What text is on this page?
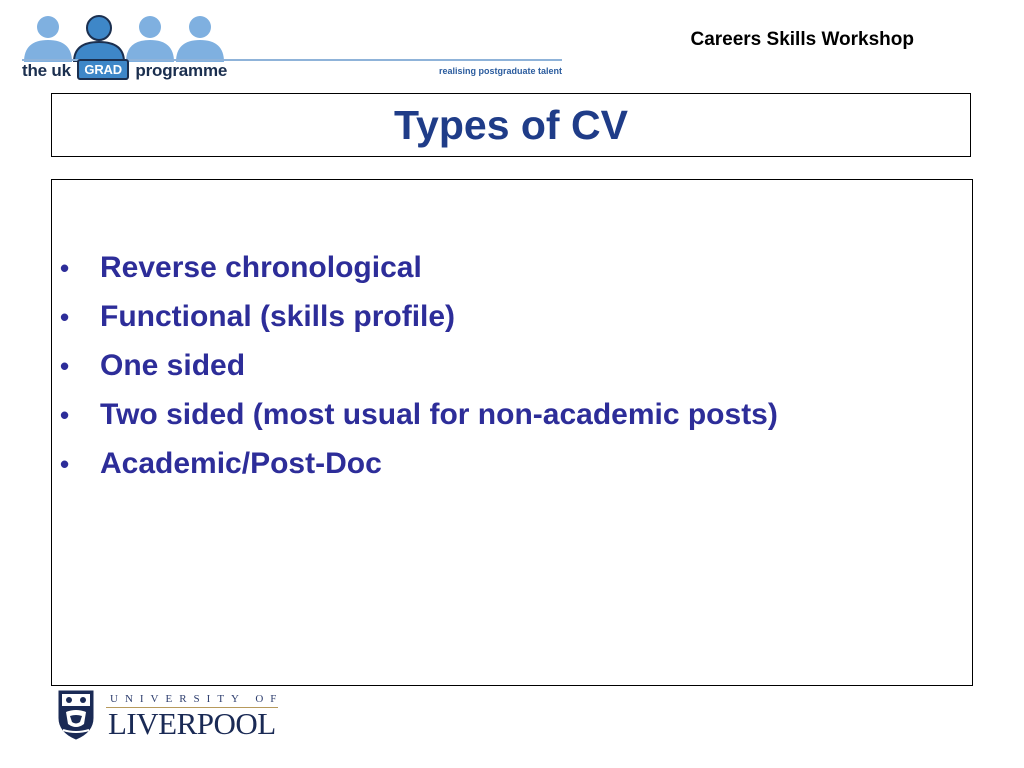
the uk GRAD programme	realising postgraduate talent
Careers Skills Workshop
Types of CV
• Reverse chronological
• Functional (skills profile)
• One sided
• Two sided (most usual for non-academic posts)
• Academic/Post-Doc
UNIVERSITY OF
LIVERPOOL
